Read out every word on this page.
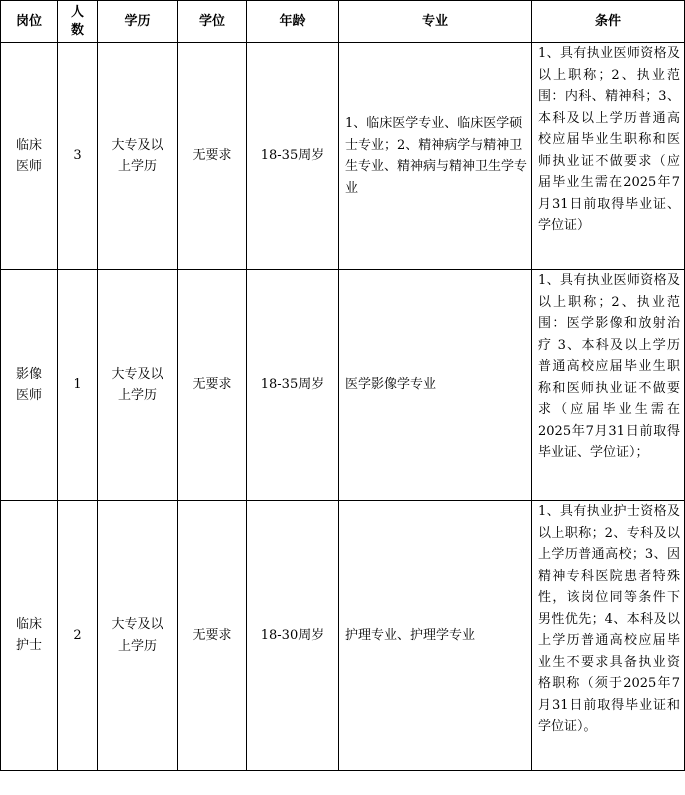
岗位	人数	学历	学位	年龄	专业	条件
临床医师	3	大专及以上学历	无要求	18-35周岁	1、临床医学专业、临床医学硕士专业；2、精神病学与精神卫生专业、精神病与精神卫生学专业	1、具有执业医师资格及以上职称；2、执业范围：内科、精神科；3、本科及以上学历普通高校应届毕业生职称和医师执业证不做要求（应届毕业生需在2025年7月31日前取得毕业证、学位证）
影像医师	1	大专及以上学历	无要求	18-35周岁	医学影像学专业	1、具有执业医师资格及以上职称；2、执业范围：医学影像和放射治疗 3、本科及以上学历普通高校应届毕业生职称和医师执业证不做要求（应届毕业生需在2025年7月31日前取得毕业证、学位证）；
临床护士	2	大专及以上学历	无要求	18-30周岁	护理专业、护理学专业	1、具有执业护士资格及以上职称；2、专科及以上学历普通高校；3、因精神专科医院患者特殊性，该岗位同等条件下男性优先；4、本科及以上学历普通高校应届毕业生不要求具备执业资格职称（须于2025年7月31日前取得毕业证和学位证）。
